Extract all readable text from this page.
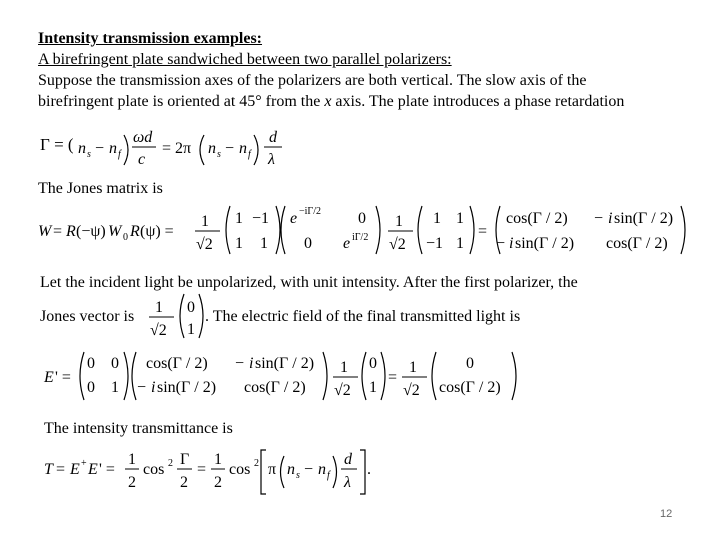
Intensity transmission examples:
A birefringent plate sandwiched between two parallel polarizers:
Suppose the transmission axes of the polarizers are both vertical. The slow axis of the
birefringent plate is oriented at 45° from the x axis. The plate introduces a phase retardation
Γ = ( n s − n f
ωd
c
= 2π n s − n f
d
λ
The Jones matrix is
W = R (−ψ) W 0 R (ψ) =
1
√2
1 −1
1 1
e −iΓ/2 0
0 e iΓ/2
1
√2
1 1
−1 1
=
cos(Γ / 2) − i sin(Γ / 2)
− i sin(Γ / 2) cos(Γ / 2)
Let the incident light be unpolarized, with unit intensity. After the first polarizer, the
Jones vector is
1
√2
0
1
. The electric field of the final transmitted light is
E ' =
0 0
0 1
cos(Γ / 2) − i sin(Γ / 2)
− i sin(Γ / 2) cos(Γ / 2)
1
√2
0
1
=
1
√2
0
cos(Γ / 2)
The intensity transmittance is
T = E + E ' =
1
2
cos 2 Γ
2
=
1
2
cos 2 π n s − n f
d
λ
.
12
